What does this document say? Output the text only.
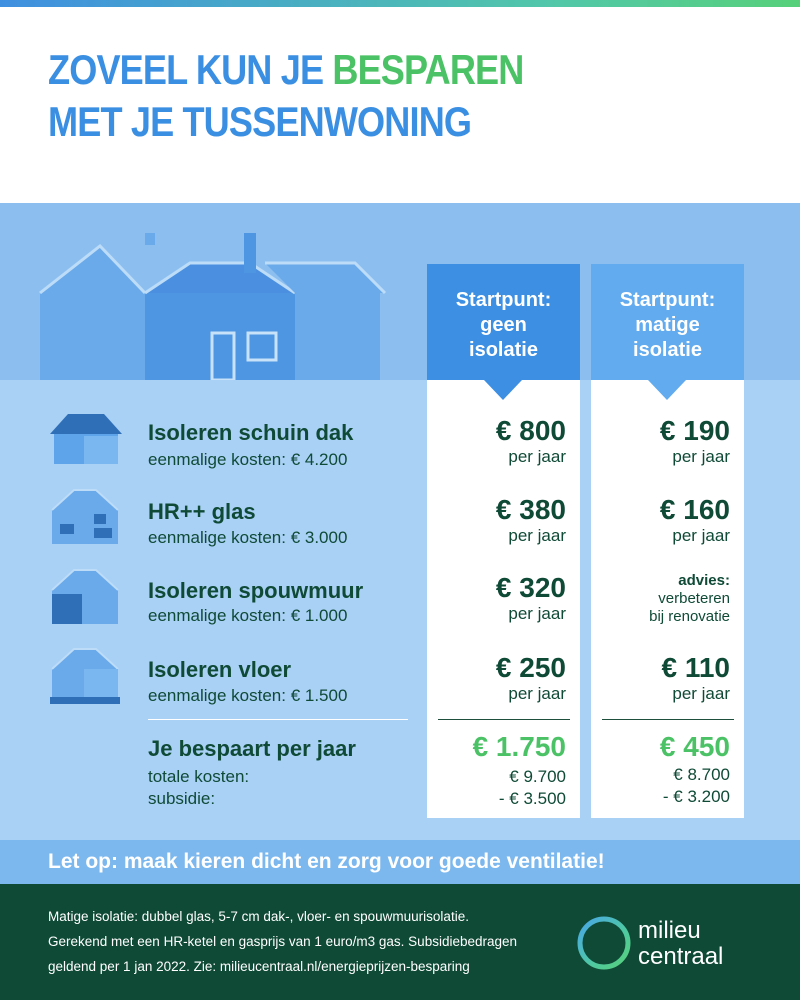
ZOVEEL KUN JE BESPAREN
MET JE TUSSENWONING
Startpunt:
geen
isolatie
Startpunt:
matige
isolatie
Isoleren schuin dak
eenmalige kosten: € 4.200
€ 800
per jaar
€ 190
per jaar
HR++ glas
eenmalige kosten: € 3.000
€ 380
per jaar
€ 160
per jaar
Isoleren spouwmuur
eenmalige kosten: € 1.000
€ 320
per jaar
advies:
verbeteren
bij renovatie
Isoleren vloer
eenmalige kosten: € 1.500
€ 250
per jaar
€ 110
per jaar
Je bespaart per jaar
totale kosten:
subsidie:
€ 1.750
€ 9.700
- € 3.500
€ 450
€ 8.700
- € 3.200
Let op: maak kieren dicht en zorg voor goede ventilatie!
Matige isolatie: dubbel glas, 5-7 cm dak-, vloer- en spouwmuurisolatie.
Gerekend met een HR-ketel en gasprijs van 1 euro/m3 gas. Subsidiebedragen
geldend per 1 jan 2022. Zie: milieucentraal.nl/energieprijzen-besparing
milieu
centraal
